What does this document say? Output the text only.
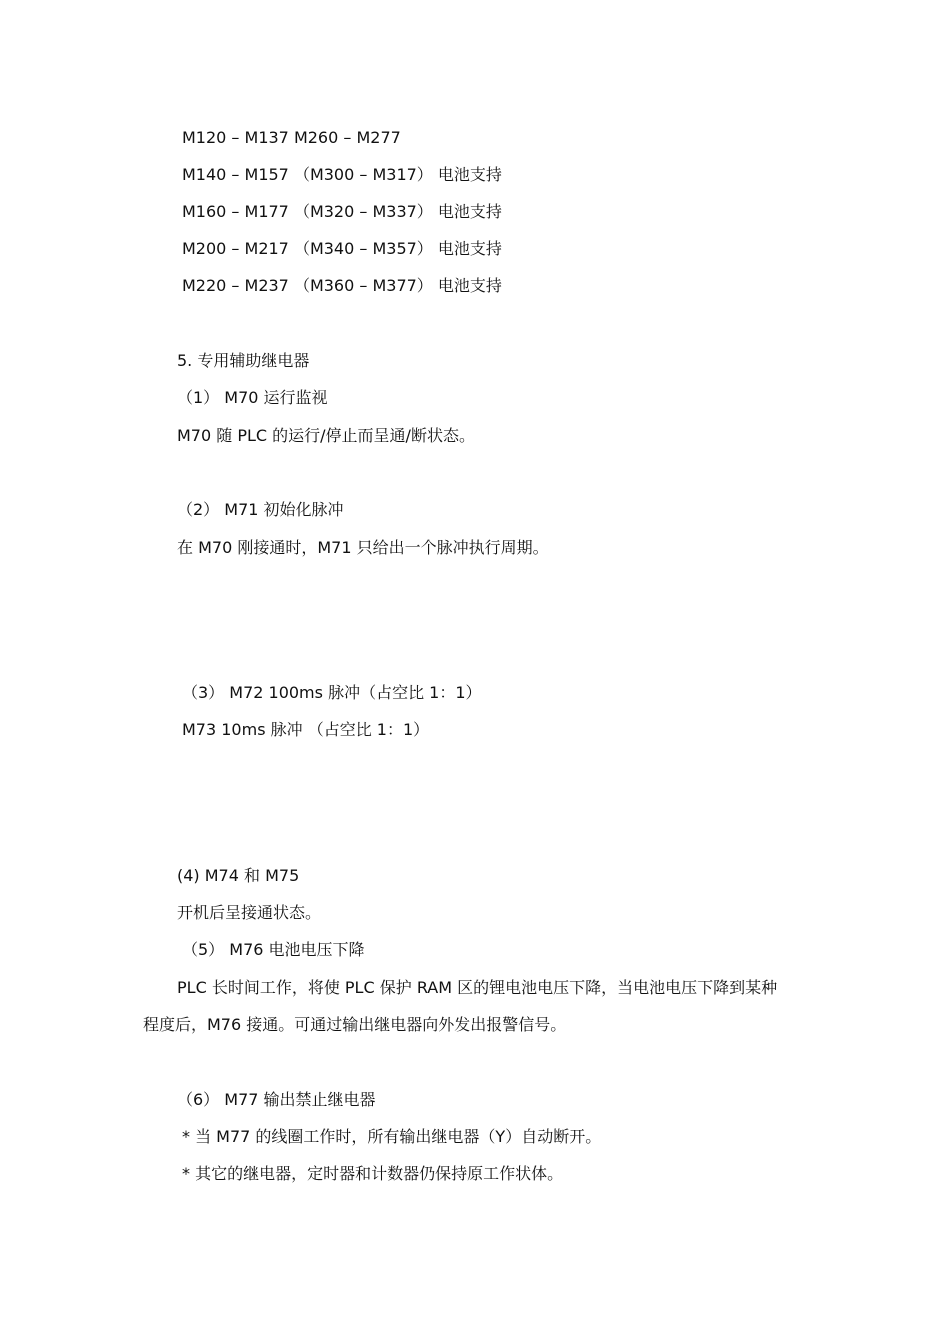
M120 – M137 M260 – M277
M140 – M157 （M300 – M317） 电池支持
M160 – M177 （M320 – M337） 电池支持
M200 – M217 （M340 – M357） 电池支持
M220 – M237 （M360 – M377） 电池支持
5. 专用辅助继电器
（1） M70 运行监视
M70 随 PLC 的运行/停止而呈通/断状态。
（2） M71 初始化脉冲
在 M70 刚接通时，M71 只给出一个脉冲执行周期。
（3） M72 100ms 脉冲（占空比 1：1）
M73 10ms 脉冲 （占空比 1：1）
(4) M74 和 M75
开机后呈接通状态。
（5） M76 电池电压下降
PLC 长时间工作，将使 PLC 保护 RAM 区的锂电池电压下降，当电池电压下降到某种
程度后，M76 接通。可通过输出继电器向外发出报警信号。
（6） M77 输出禁止继电器
* 当 M77 的线圈工作时，所有输出继电器（Y）自动断开。
* 其它的继电器，定时器和计数器仍保持原工作状体。
